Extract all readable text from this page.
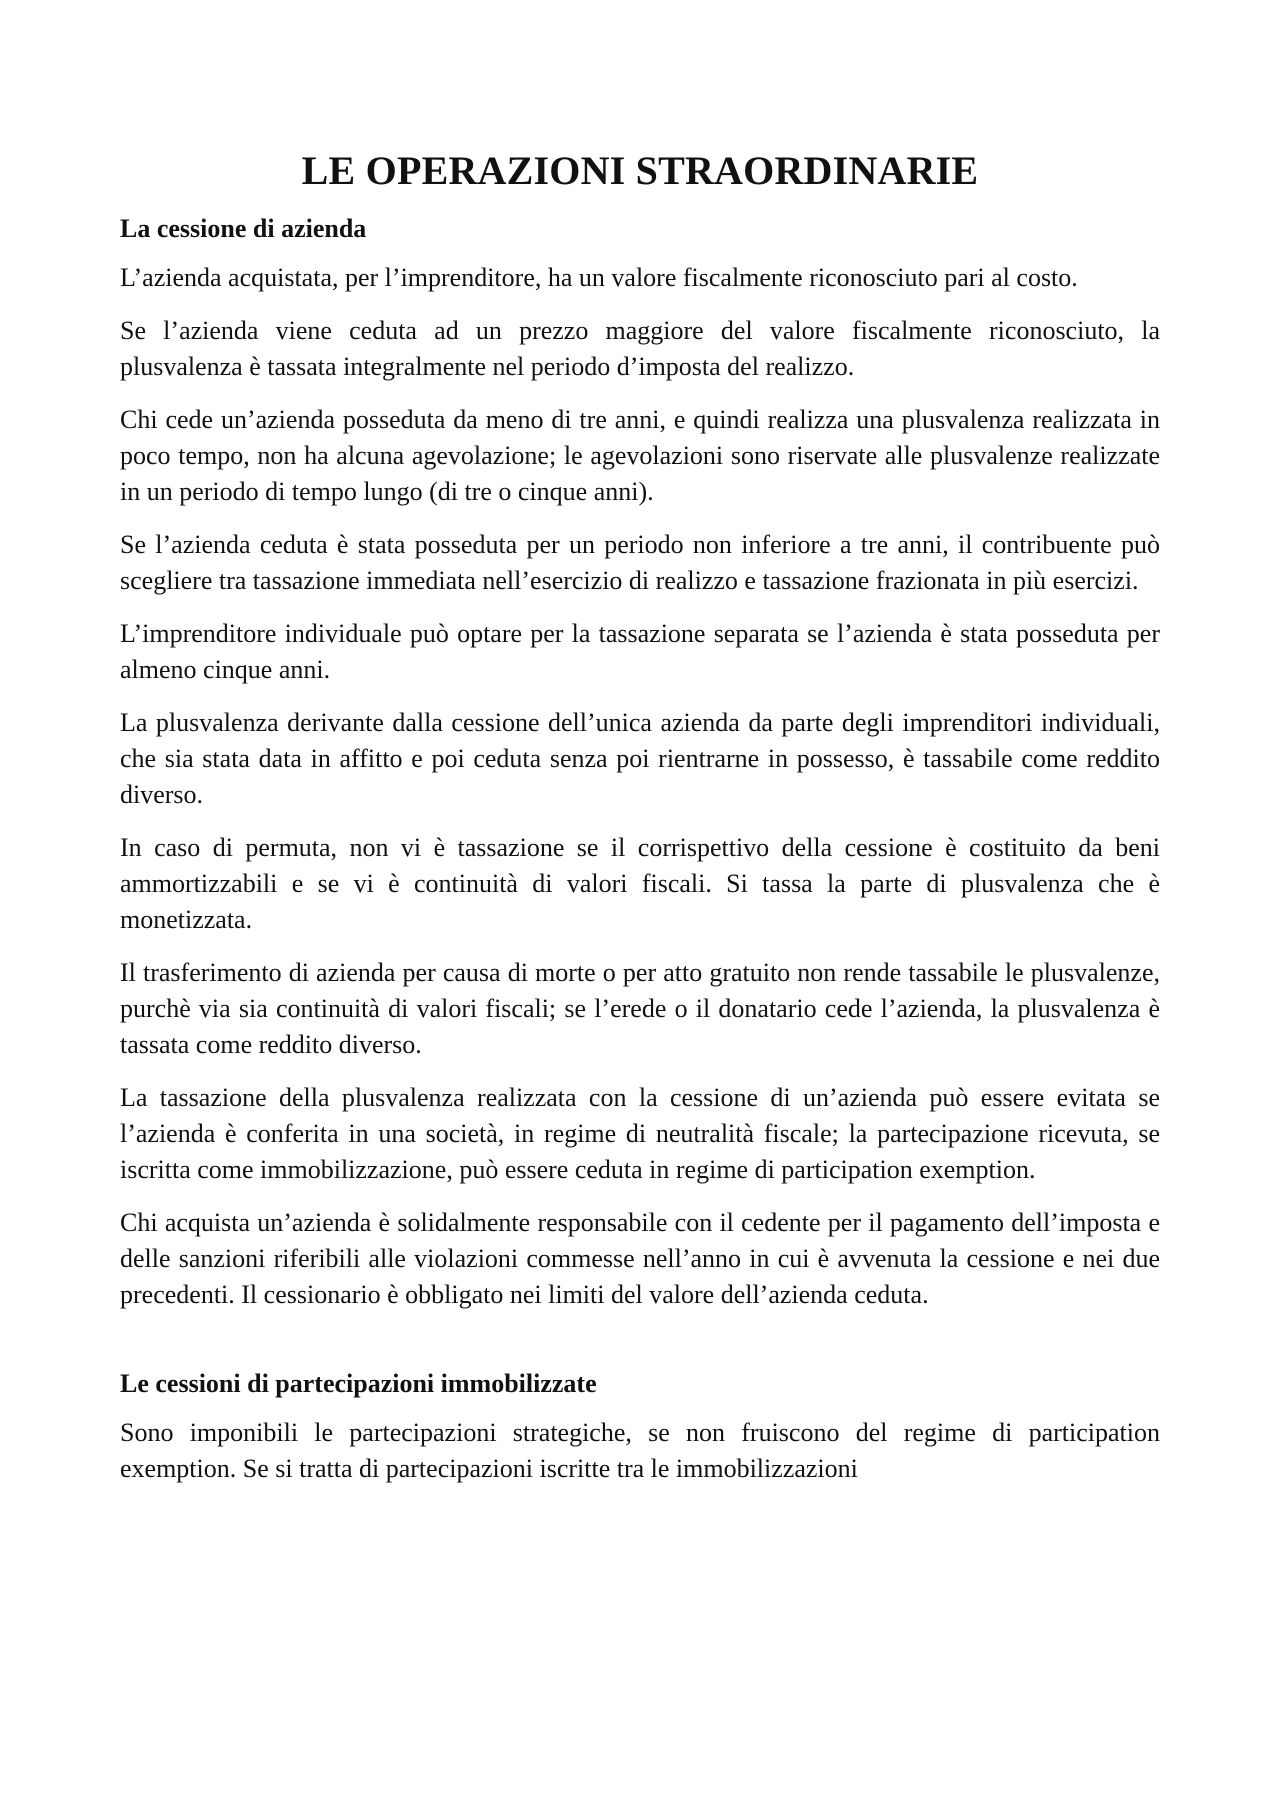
LE OPERAZIONI STRAORDINARIE
La cessione di azienda

L’azienda acquistata, per l’imprenditore, ha un valore fiscalmente riconosciuto pari al costo.

Se l’azienda viene ceduta ad un prezzo maggiore del valore fiscalmente riconosciuto, la plusvalenza è tassata integralmente nel periodo d’imposta del realizzo.

Chi cede un’azienda posseduta da meno di tre anni, e quindi realizza una plusvalenza realizzata in poco tempo, non ha alcuna agevolazione; le agevolazioni sono riservate alle plusvalenze realizzate in un periodo di tempo lungo (di tre o cinque anni).

Se l’azienda ceduta è stata posseduta per un periodo non inferiore a tre anni, il contribuente può scegliere tra tassazione immediata nell’esercizio di realizzo e tassazione frazionata in più esercizi.

L’imprenditore individuale può optare per la tassazione separata se l’azienda è stata posseduta per almeno cinque anni.

La plusvalenza derivante dalla cessione dell’unica azienda da parte degli imprenditori individuali, che sia stata data in affitto e poi ceduta senza poi rientrarne in possesso, è tassabile come reddito diverso.

In caso di permuta, non vi è tassazione se il corrispettivo della cessione è costituito da beni ammortizzabili e se vi è continuità di valori fiscali. Si tassa la parte di plusvalenza che è monetizzata.

Il trasferimento di azienda per causa di morte o per atto gratuito non rende tassabile le plusvalenze, purchè via sia continuità di valori fiscali; se l’erede o il donatario cede l’azienda, la plusvalenza è tassata come reddito diverso.

La tassazione della plusvalenza realizzata con la cessione di un’azienda può essere evitata se l’azienda è conferita in una società, in regime di neutralità fiscale; la partecipazione ricevuta, se iscritta come immobilizzazione, può essere ceduta in regime di participation exemption.

Chi acquista un’azienda è solidalmente responsabile con il cedente per il pagamento dell’imposta e delle sanzioni riferibili alle violazioni commesse nell’anno in cui è avvenuta la cessione e nei due precedenti. Il cessionario è obbligato nei limiti del valore dell’azienda ceduta.

Le cessioni di partecipazioni immobilizzate

Sono imponibili le partecipazioni strategiche, se non fruiscono del regime di participation exemption. Se si tratta di partecipazioni iscritte tra le immobilizzazioni
